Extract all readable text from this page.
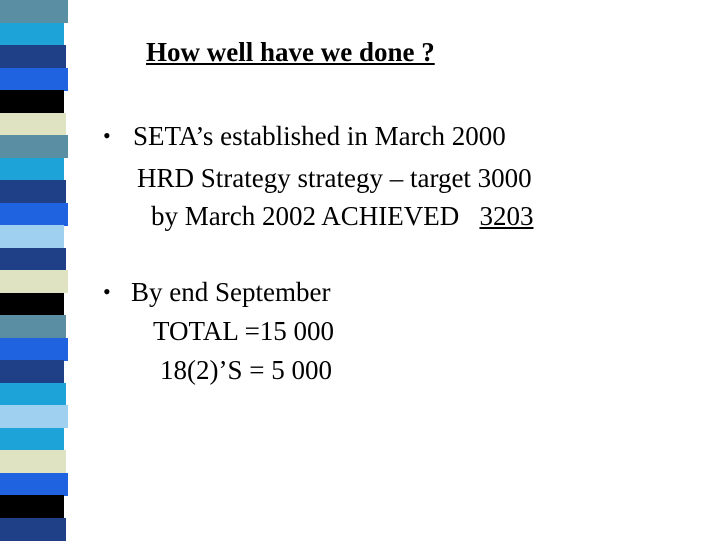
How well have we done ?
• SETA’s established in March 2000
HRD Strategy strategy – target 3000
by March 2002 ACHIEVED 3203
• By end September
TOTAL =15 000
18(2)’S = 5 000
